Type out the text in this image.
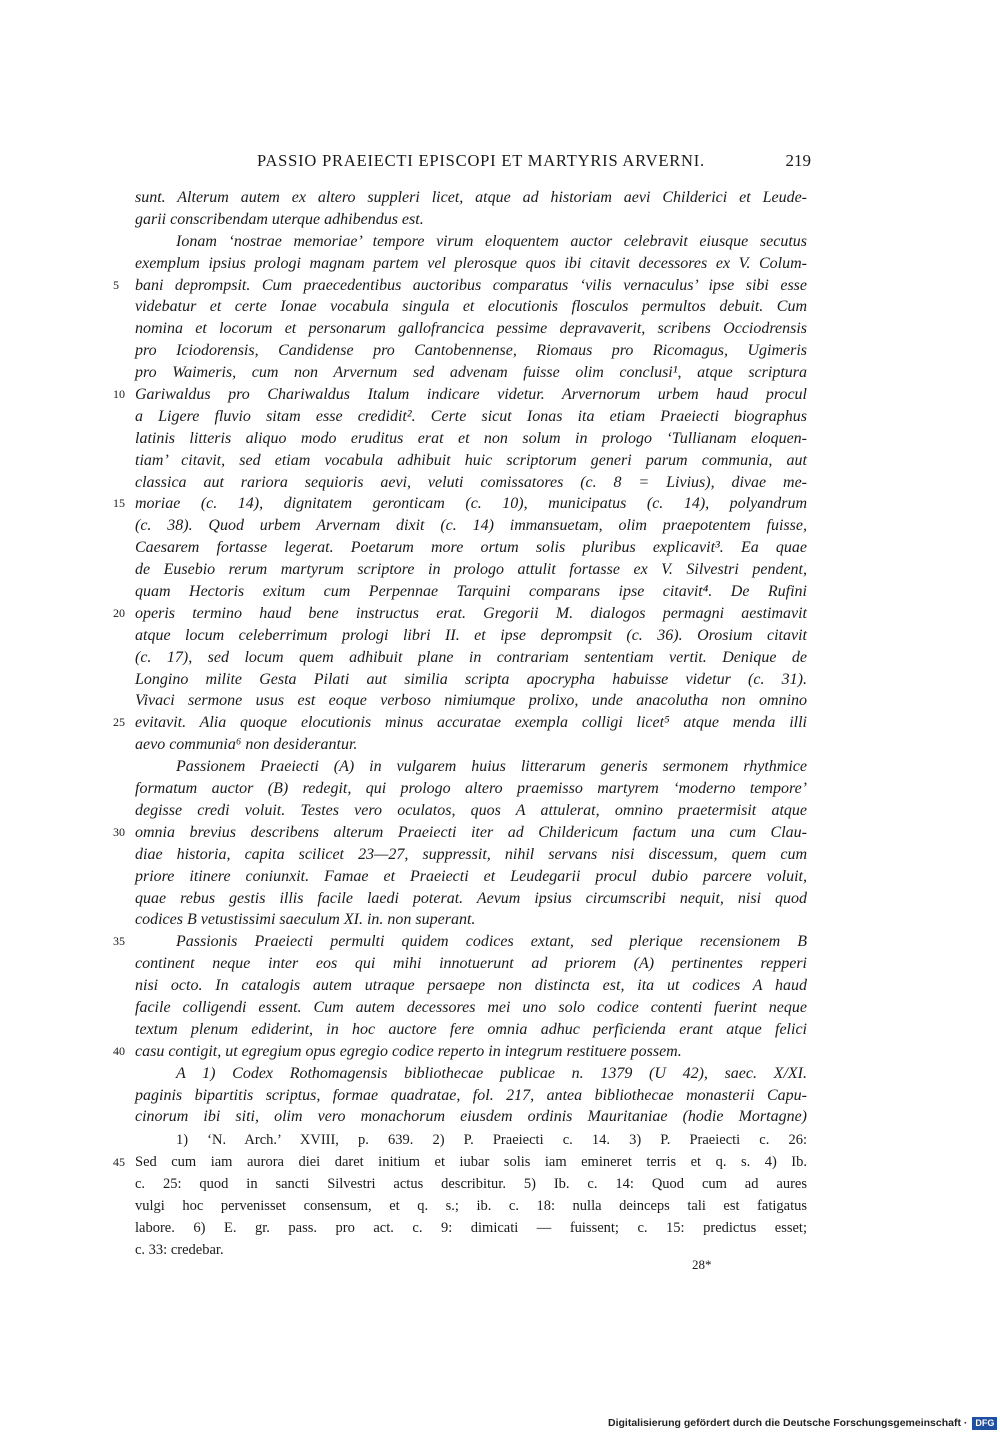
PASSIO PRAEIECTI EPISCOPI ET MARTYRIS ARVERNI.	219
sunt. Alterum autem ex altero suppleri licet, atque ad historiam aevi Childerici et Leude-
garii conscribendam uterque adhibendus est.
Ionam ‘nostrae memoriae’ tempore virum eloquentem auctor celebravit eiusque secutus
exemplum ipsius prologi magnam partem vel plerosque quos ibi citavit decessores ex V. Colum-
5 bani deprompsit. Cum praecedentibus auctoribus comparatus ‘vilis vernaculus’ ipse sibi esse
videbatur et certe Ionae vocabula singula et elocutionis flosculos permultos debuit. Cum
nomina et locorum et personarum gallofrancica pessime depravaverit, scribens Occiodrensis
pro Iciodorensis, Candidense pro Cantobennense, Riomaus pro Ricomagus, Ugimeris
pro Waimeris, cum non Arvernum sed advenam fuisse olim conclusi¹, atque scriptura
10 Gariwaldus pro Chariwaldus Italum indicare videtur. Arvernorum urbem haud procul
a Ligere fluvio sitam esse credidit². Certe sicut Ionas ita etiam Praeiecti biographus
latinis litteris aliquo modo eruditus erat et non solum in prologo ‘Tullianam eloquen-
tiam’ citavit, sed etiam vocabula adhibuit huic scriptorum generi parum communia, aut
classica aut rariora sequioris aevi, veluti comissatores (c. 8 = Livius), divae me-
15 moriae (c. 14), dignitatem geronticam (c. 10), municipatus (c. 14), polyandrum
(c. 38). Quod urbem Arvernam dixit (c. 14) immansuetam, olim praepotentem fuisse,
Caesarem fortasse legerat. Poetarum more ortum solis pluribus explicavit³. Ea quae
de Eusebio rerum martyrum scriptore in prologo attulit fortasse ex V. Silvestri pendent,
quam Hectoris exitum cum Perpennae Tarquini comparans ipse citavit⁴. De Rufini
20 operis termino haud bene instructus erat. Gregorii M. dialogos permagni aestimavit
atque locum celeberrimum prologi libri II. et ipse deprompsit (c. 36). Orosium citavit
(c. 17), sed locum quem adhibuit plane in contrariam sententiam vertit. Denique de
Longino milite Gesta Pilati aut similia scripta apocrypha habuisse videtur (c. 31).
Vivaci sermone usus est eoque verboso nimiumque prolixo, unde anacolutha non omnino
25 evitavit. Alia quoque elocutionis minus accuratae exempla colligi licet⁵ atque menda illi
aevo communia⁶ non desiderantur.
Passionem Praeiecti (A) in vulgarem huius litterarum generis sermonem rhythmice
formatum auctor (B) redegit, qui prologo altero praemisso martyrem ‘moderno tempore’
degisse credi voluit. Testes vero oculatos, quos A attulerat, omnino praetermisit atque
30 omnia brevius describens alterum Praeiecti iter ad Childericum factum una cum Clau-
diae historia, capita scilicet 23—27, suppressit, nihil servans nisi discessum, quem cum
priore itinere coniunxit. Famae et Praeiecti et Leudegarii procul dubio parcere voluit,
quae rebus gestis illis facile laedi poterat. Aevum ipsius circumscribi nequit, nisi quod
codices B vetustissimi saeculum XI. in. non superant.
35	Passionis Praeiecti permulti quidem codices extant, sed plerique recensionem B
continent neque inter eos qui mihi innotuerunt ad priorem (A) pertinentes repperi
nisi octo. In catalogis autem utraque persaepe non distincta est, ita ut codices A haud
facile colligendi essent. Cum autem decessores mei uno solo codice contenti fuerint neque
textum plenum ediderint, in hoc auctore fere omnia adhuc perficienda erant atque felici
40 casu contigit, ut egregium opus egregio codice reperto in integrum restituere possem.
A 1) Codex Rothomagensis bibliothecae publicae n. 1379 (U 42), saec. X/XI.
paginis bipartitis scriptus, formae quadratae, fol. 217, antea bibliothecae monasterii Capu-
cinorum ibi siti, olim vero monachorum eiusdem ordinis Mauritaniae (hodie Mortagne)
1) ‘N. Arch.’ XVIII, p. 639. 2) P. Praeiecti c. 14. 3) P. Praeiecti c. 26:
45 Sed cum iam aurora diei daret initium et iubar solis iam emineret terris et q. s. 4) Ib.
c. 25: quod in sancti Silvestri actus describitur. 5) Ib. c. 14: Quod cum ad aures
vulgi hoc pervenisset consensum, et q. s.; ib. c. 18: nulla deinceps tali est fatigatus
labore. 6) E. gr. pass. pro act. c. 9: dimicati — fuissent; c. 15: predictus esset;
c. 33: credebar.
28*
Digitalisierung gefördert durch die Deutsche Forschungsgemeinschaft · DFG
